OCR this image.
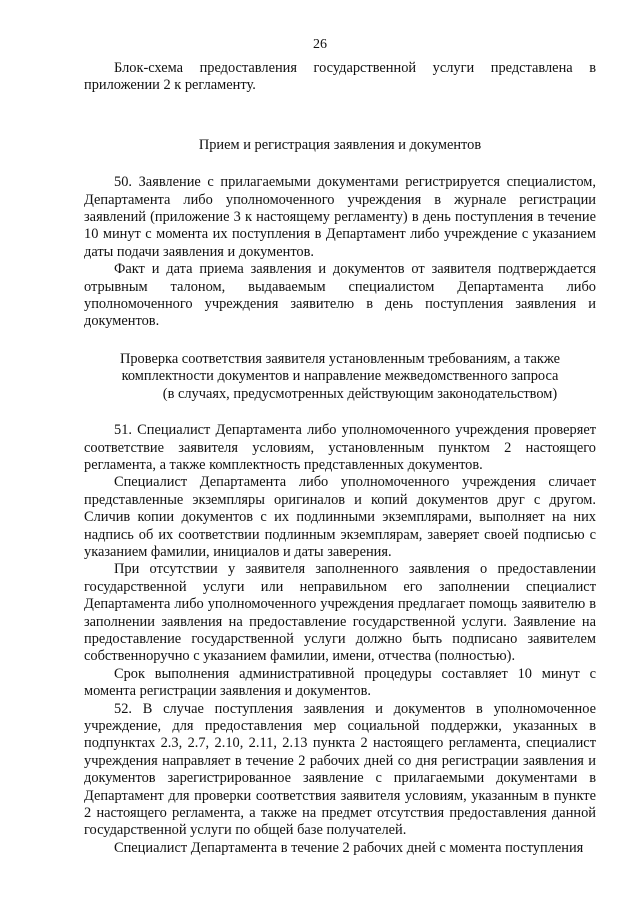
26

Блок-схема предоставления государственной услуги представлена в приложении 2 к регламенту.

Прием и регистрация заявления и документов

50. Заявление с прилагаемыми документами регистрируется специалистом, Департамента либо уполномоченного учреждения в журнале регистрации заявлений (приложение 3 к настоящему регламенту) в день поступления в течение 10 минут с момента их поступления в Департамент либо учреждение с указанием даты подачи заявления и документов.

Факт и дата приема заявления и документов от заявителя подтверждается отрывным талоном, выдаваемым специалистом Департамента либо уполномоченного учреждения заявителю в день поступления заявления и документов.

Проверка соответствия заявителя установленным требованиям, а также
комплектности документов и направление межведомственного запроса
(в случаях, предусмотренных действующим законодательством)

51. Специалист Департамента либо уполномоченного учреждения проверяет соответствие заявителя условиям, установленным пунктом 2 настоящего регламента, а также комплектность представленных документов.

Специалист Департамента либо уполномоченного учреждения сличает представленные экземпляры оригиналов и копий документов друг с другом. Сличив копии документов с их подлинными экземплярами, выполняет на них надпись об их соответствии подлинным экземплярам, заверяет своей подписью с указанием фамилии, инициалов и даты заверения.

При отсутствии у заявителя заполненного заявления о предоставлении государственной услуги или неправильном его заполнении специалист Департамента либо уполномоченного учреждения предлагает помощь заявителю в заполнении заявления на предоставление государственной услуги. Заявление на предоставление государственной услуги должно быть подписано заявителем собственноручно с указанием фамилии, имени, отчества (полностью).

Срок выполнения административной процедуры составляет 10 минут с момента регистрации заявления и документов.

52. В случае поступления заявления и документов в уполномоченное учреждение, для предоставления мер социальной поддержки, указанных в подпунктах 2.3, 2.7, 2.10, 2.11, 2.13 пункта 2 настоящего регламента, специалист учреждения направляет в течение 2 рабочих дней со дня регистрации заявления и документов зарегистрированное заявление с прилагаемыми документами в Департамент для проверки соответствия заявителя условиям, указанным в пункте 2 настоящего регламента, а также на предмет отсутствия предоставления данной государственной услуги по общей базе получателей.

Специалист Департамента в течение 2 рабочих дней с момента поступления
